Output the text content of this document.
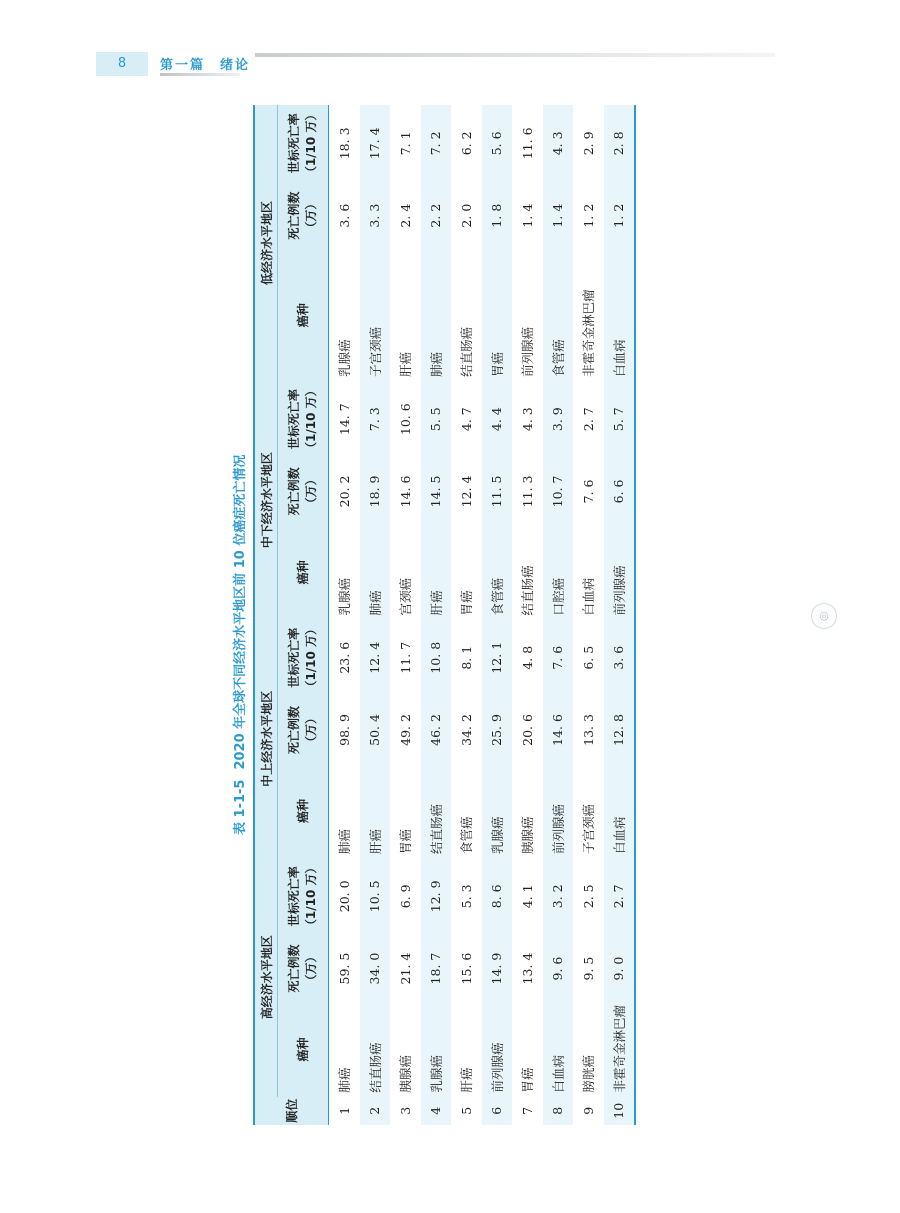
8	第一篇　绪论
◎
表 1-1-52020 年全球不同经济水平地区前 10 位癌症死亡情况
顺位	高经济水平地区			中上经济水平地区			中下经济水平地区			低经济水平地区		
	癌种	死亡例数 （万）	世标死亡率 （1/10 万）	癌种	死亡例数 （万）	世标死亡率 （1/10 万）	癌种	死亡例数 （万）	世标死亡率 （1/10 万）	癌种	死亡例数 （万）	世标死亡率 （1/10 万）
1	肺癌	59. 5	20. 0	肺癌	98. 9	23. 6	乳腺癌	20. 2	14. 7	乳腺癌	3. 6	18. 3
2	结直肠癌	34. 0	10. 5	肝癌	50. 4	12. 4	肺癌	18. 9	7. 3	子宫颈癌	3. 3	17. 4
3	胰腺癌	21. 4	6. 9	胃癌	49. 2	11. 7	宫颈癌	14. 6	10. 6	肝癌	2. 4	7. 1
4	乳腺癌	18. 7	12. 9	结直肠癌	46. 2	10. 8	肝癌	14. 5	5. 5	肺癌	2. 2	7. 2
5	肝癌	15. 6	5. 3	食管癌	34. 2	8. 1	胃癌	12. 4	4. 7	结直肠癌	2. 0	6. 2
6	前列腺癌	14. 9	8. 6	乳腺癌	25. 9	12. 1	食管癌	11. 5	4. 4	胃癌	1. 8	5. 6
7	胃癌	13. 4	4. 1	胰腺癌	20. 6	4. 8	结直肠癌	11. 3	4. 3	前列腺癌	1. 4	11. 6
8	白血病	9. 6	3. 2	前列腺癌	14. 6	7. 6	口腔癌	10. 7	3. 9	食管癌	1. 4	4. 3
9	膀胱癌	9. 5	2. 5	子宫颈癌	13. 3	6. 5	白血病	7. 6	2. 7	非霍奇金淋巴瘤	1. 2	2. 9
10	非霍奇金淋巴瘤	9. 0	2. 7	白血病	12. 8	3. 6	前列腺癌	6. 6	5. 7	白血病	1. 2	2. 8
